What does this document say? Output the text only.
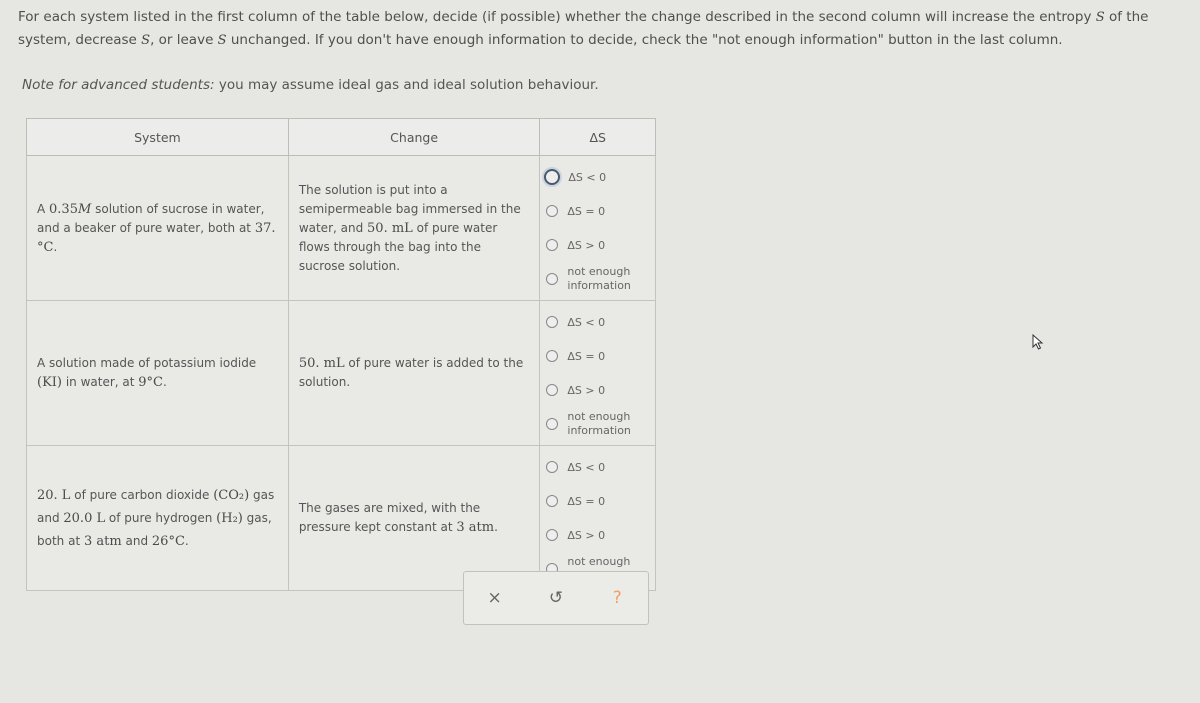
For each system listed in the first column of the table below, decide (if possible) whether the change described in the second column will increase the entropy S of the system, decrease S, or leave S unchanged. If you don't have enough information to decide, check the "not enough information" button in the last column.
Note for advanced students: you may assume ideal gas and ideal solution behaviour.
System	Change	ΔS
A 0.35M solution of sucrose in water, and a beaker of pure water, both at 37.°C.	The solution is put into a semipermeable bag immersed in the water, and 50. mL of pure water flows through the bag into the sucrose solution.	ΔS < 0
ΔS = 0
ΔS > 0
not enough
information

A solution made of potassium iodide (KI) in water, at 9°C.	50. mL of pure water is added to the solution.	ΔS < 0
ΔS = 0
ΔS > 0
not enough
information

20. L of pure carbon dioxide (CO₂) gas and 20.0 L of pure hydrogen (H₂) gas, both at 3 atm and 26°C.	The gases are mixed, with the pressure kept constant at 3 atm.	ΔS < 0
ΔS = 0
ΔS > 0
not enough

×	↺	?
